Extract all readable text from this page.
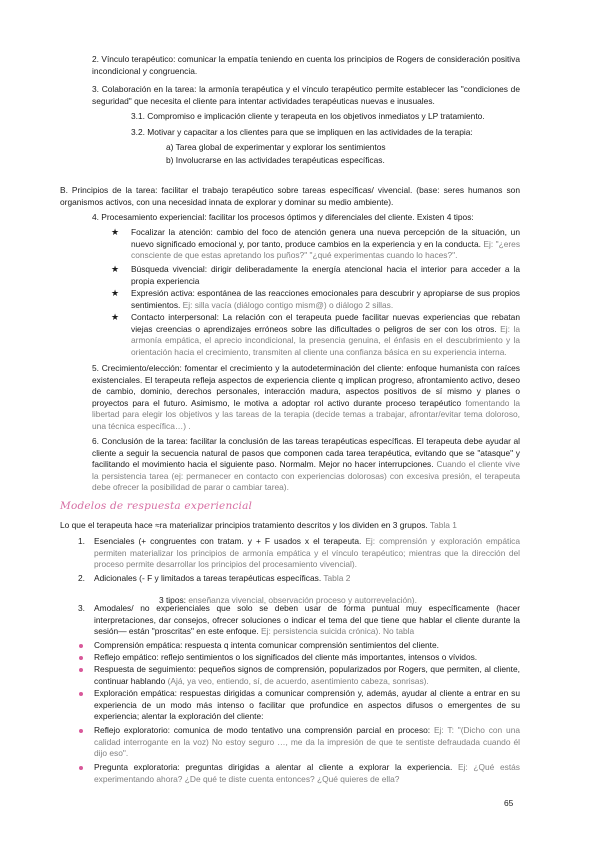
2. Vínculo terapéutico: comunicar la empatía teniendo en cuenta los principios de Rogers de consideración positiva incondicional y congruencia.

3. Colaboración en la tarea: la armonía terapéutica y el vínculo terapéutico permite establecer las "condiciones de seguridad" que necesita el cliente para intentar actividades terapéuticas nuevas e inusuales.

3.1. Compromiso e implicación cliente y terapeuta en los objetivos inmediatos y LP tratamiento.

3.2. Motivar y capacitar a los clientes para que se impliquen en las actividades de la terapia:

a) Tarea global de experimentar y explorar los sentimientos

b) Involucrarse en las actividades terapéuticas específicas.

B. Principios de la tarea: facilitar el trabajo terapéutico sobre tareas específicas/ vivencial. (base: seres humanos son organismos activos, con una necesidad innata de explorar y dominar su medio ambiente).

4. Procesamiento experiencial: facilitar los procesos óptimos y diferenciales del cliente. Existen 4 tipos:

★ Focalizar la atención: cambio del foco de atención genera una nueva percepción de la situación, un nuevo significado emocional y, por tanto, produce cambios en la experiencia y en la conducta. Ej: "¿eres consciente de que estas apretando los puños?" "¿qué experimentas cuando lo haces?".

★ Búsqueda vivencial: dirigir deliberadamente la energía atencional hacia el interior para acceder a la propia experiencia

★ Expresión activa: espontánea de las reacciones emocionales para descubrir y apropiarse de sus propios sentimientos. Ej: silla vacía (diálogo contigo mism@) o diálogo 2 sillas.

★ Contacto interpersonal: La relación con el terapeuta puede facilitar nuevas experiencias que rebatan viejas creencias o aprendizajes erróneos sobre las dificultades o peligros de ser con los otros. Ej: la armonía empática, el aprecio incondicional, la presencia genuina, el énfasis en el descubrimiento y la orientación hacia el crecimiento, transmiten al cliente una confianza básica en su experiencia interna.

5. Crecimiento/elección: fomentar el crecimiento y la autodeterminación del cliente: enfoque humanista con raíces existenciales. El terapeuta refleja aspectos de experiencia cliente q implican progreso, afrontamiento activo, deseo de cambio, dominio, derechos personales, interacción madura, aspectos positivos de sí mismo y planes o proyectos para el futuro. Asimismo, le motiva a adoptar rol activo durante proceso terapéutico fomentando la libertad para elegir los objetivos y las tareas de la terapia (decide temas a trabajar, afrontar/evitar tema doloroso, una técnica específica…) .

6. Conclusión de la tarea: facilitar la conclusión de las tareas terapéuticas específicas. El terapeuta debe ayudar al cliente a seguir la secuencia natural de pasos que componen cada tarea terapéutica, evitando que se "atasque" y facilitando el movimiento hacia el siguiente paso. Normalm. Mejor no hacer interrupciones. Cuando el cliente vive la persistencia tarea (ej: permanecer en contacto con experiencias dolorosas) con excesiva presión, el terapeuta debe ofrecer la posibilidad de parar o cambiar tarea).

Modelos de respuesta experiencial

Lo que el terapeuta hace ≈ra materializar principios tratamiento descritos y los dividen en 3 grupos. Tabla 1

1. Esenciales (+ congruentes con tratam. y + F usados x el terapeuta. Ej: comprensión y exploración empática permiten materializar los principios de armonía empática y el vínculo terapéutico; mientras que la dirección del proceso permite desarrollar los principios del procesamiento vivencial).

2. Adicionales (- F y limitados a tareas terapéuticas específicas. Tabla 2

3 tipos: enseñanza vivencial, observación proceso y autorrevelación).

3. Amodales/ no experienciales que solo se deben usar de forma puntual muy específicamente (hacer interpretaciones, dar consejos, ofrecer soluciones o indicar el tema del que tiene que hablar el cliente durante la sesión— están "proscritas" en este enfoque. Ej: persistencia suicida crónica). No tabla

Comprensión empática: respuesta q intenta comunicar comprensión sentimientos del cliente.

Reflejo empático: reflejo sentimientos o los significados del cliente más importantes, intensos o vívidos.

Respuesta de seguimiento: pequeños signos de comprensión, popularizados por Rogers, que permiten, al cliente, continuar hablando (Ajá, ya veo, entiendo, sí, de acuerdo, asentimiento cabeza, sonrisas).

Exploración empática: respuestas dirigidas a comunicar comprensión y, además, ayudar al cliente a entrar en su experiencia de un modo más intenso o facilitar que profundice en aspectos difusos o emergentes de su experiencia; alentar la exploración del cliente:

Reflejo exploratorio: comunica de modo tentativo una comprensión parcial en proceso: Ej: T: "(Dicho con una calidad interrogante en la voz) No estoy seguro …, me da la impresión de que te sentiste defraudada cuando él dijo eso".

Pregunta exploratoria: preguntas dirigidas a alentar al cliente a explorar la experiencia. Ej: ¿Qué estás experimentando ahora? ¿De qué te diste cuenta entonces? ¿Qué quieres de ella?

65
